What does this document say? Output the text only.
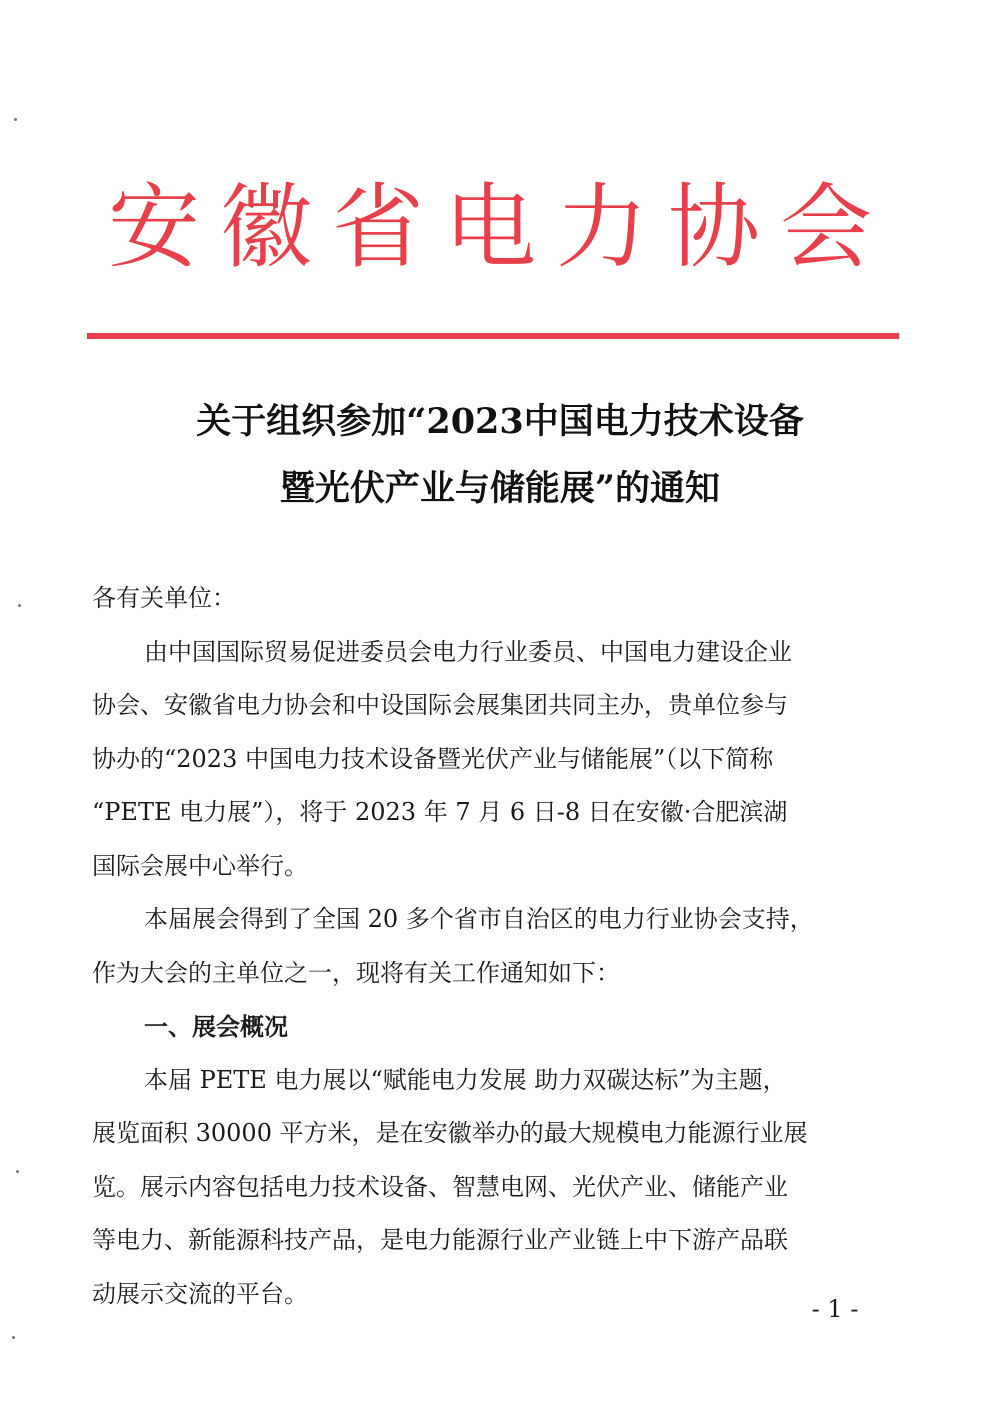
安徽省电力协会
关于组织参加“2023中国电力技术设备
暨光伏产业与储能展”的通知
各有关单位：
由中国国际贸易促进委员会电力行业委员、中国电力建设企业
协会、安徽省电力协会和中设国际会展集团共同主办，贵单位参与
协办的“2023 中国电力技术设备暨光伏产业与储能展”（以下简称
“PETE 电力展”），将于 2023 年 7 月 6 日-8 日在安徽·合肥滨湖
国际会展中心举行。
本届展会得到了全国 20 多个省市自治区的电力行业协会支持，
作为大会的主单位之一，现将有关工作通知如下：
一、展会概况
本届 PETE 电力展以“赋能电力发展 助力双碳达标”为主题，
展览面积 30000 平方米，是在安徽举办的最大规模电力能源行业展
览。展示内容包括电力技术设备、智慧电网、光伏产业、储能产业
等电力、新能源科技产品，是电力能源行业产业链上中下游产品联
动展示交流的平台。
- 1 -
